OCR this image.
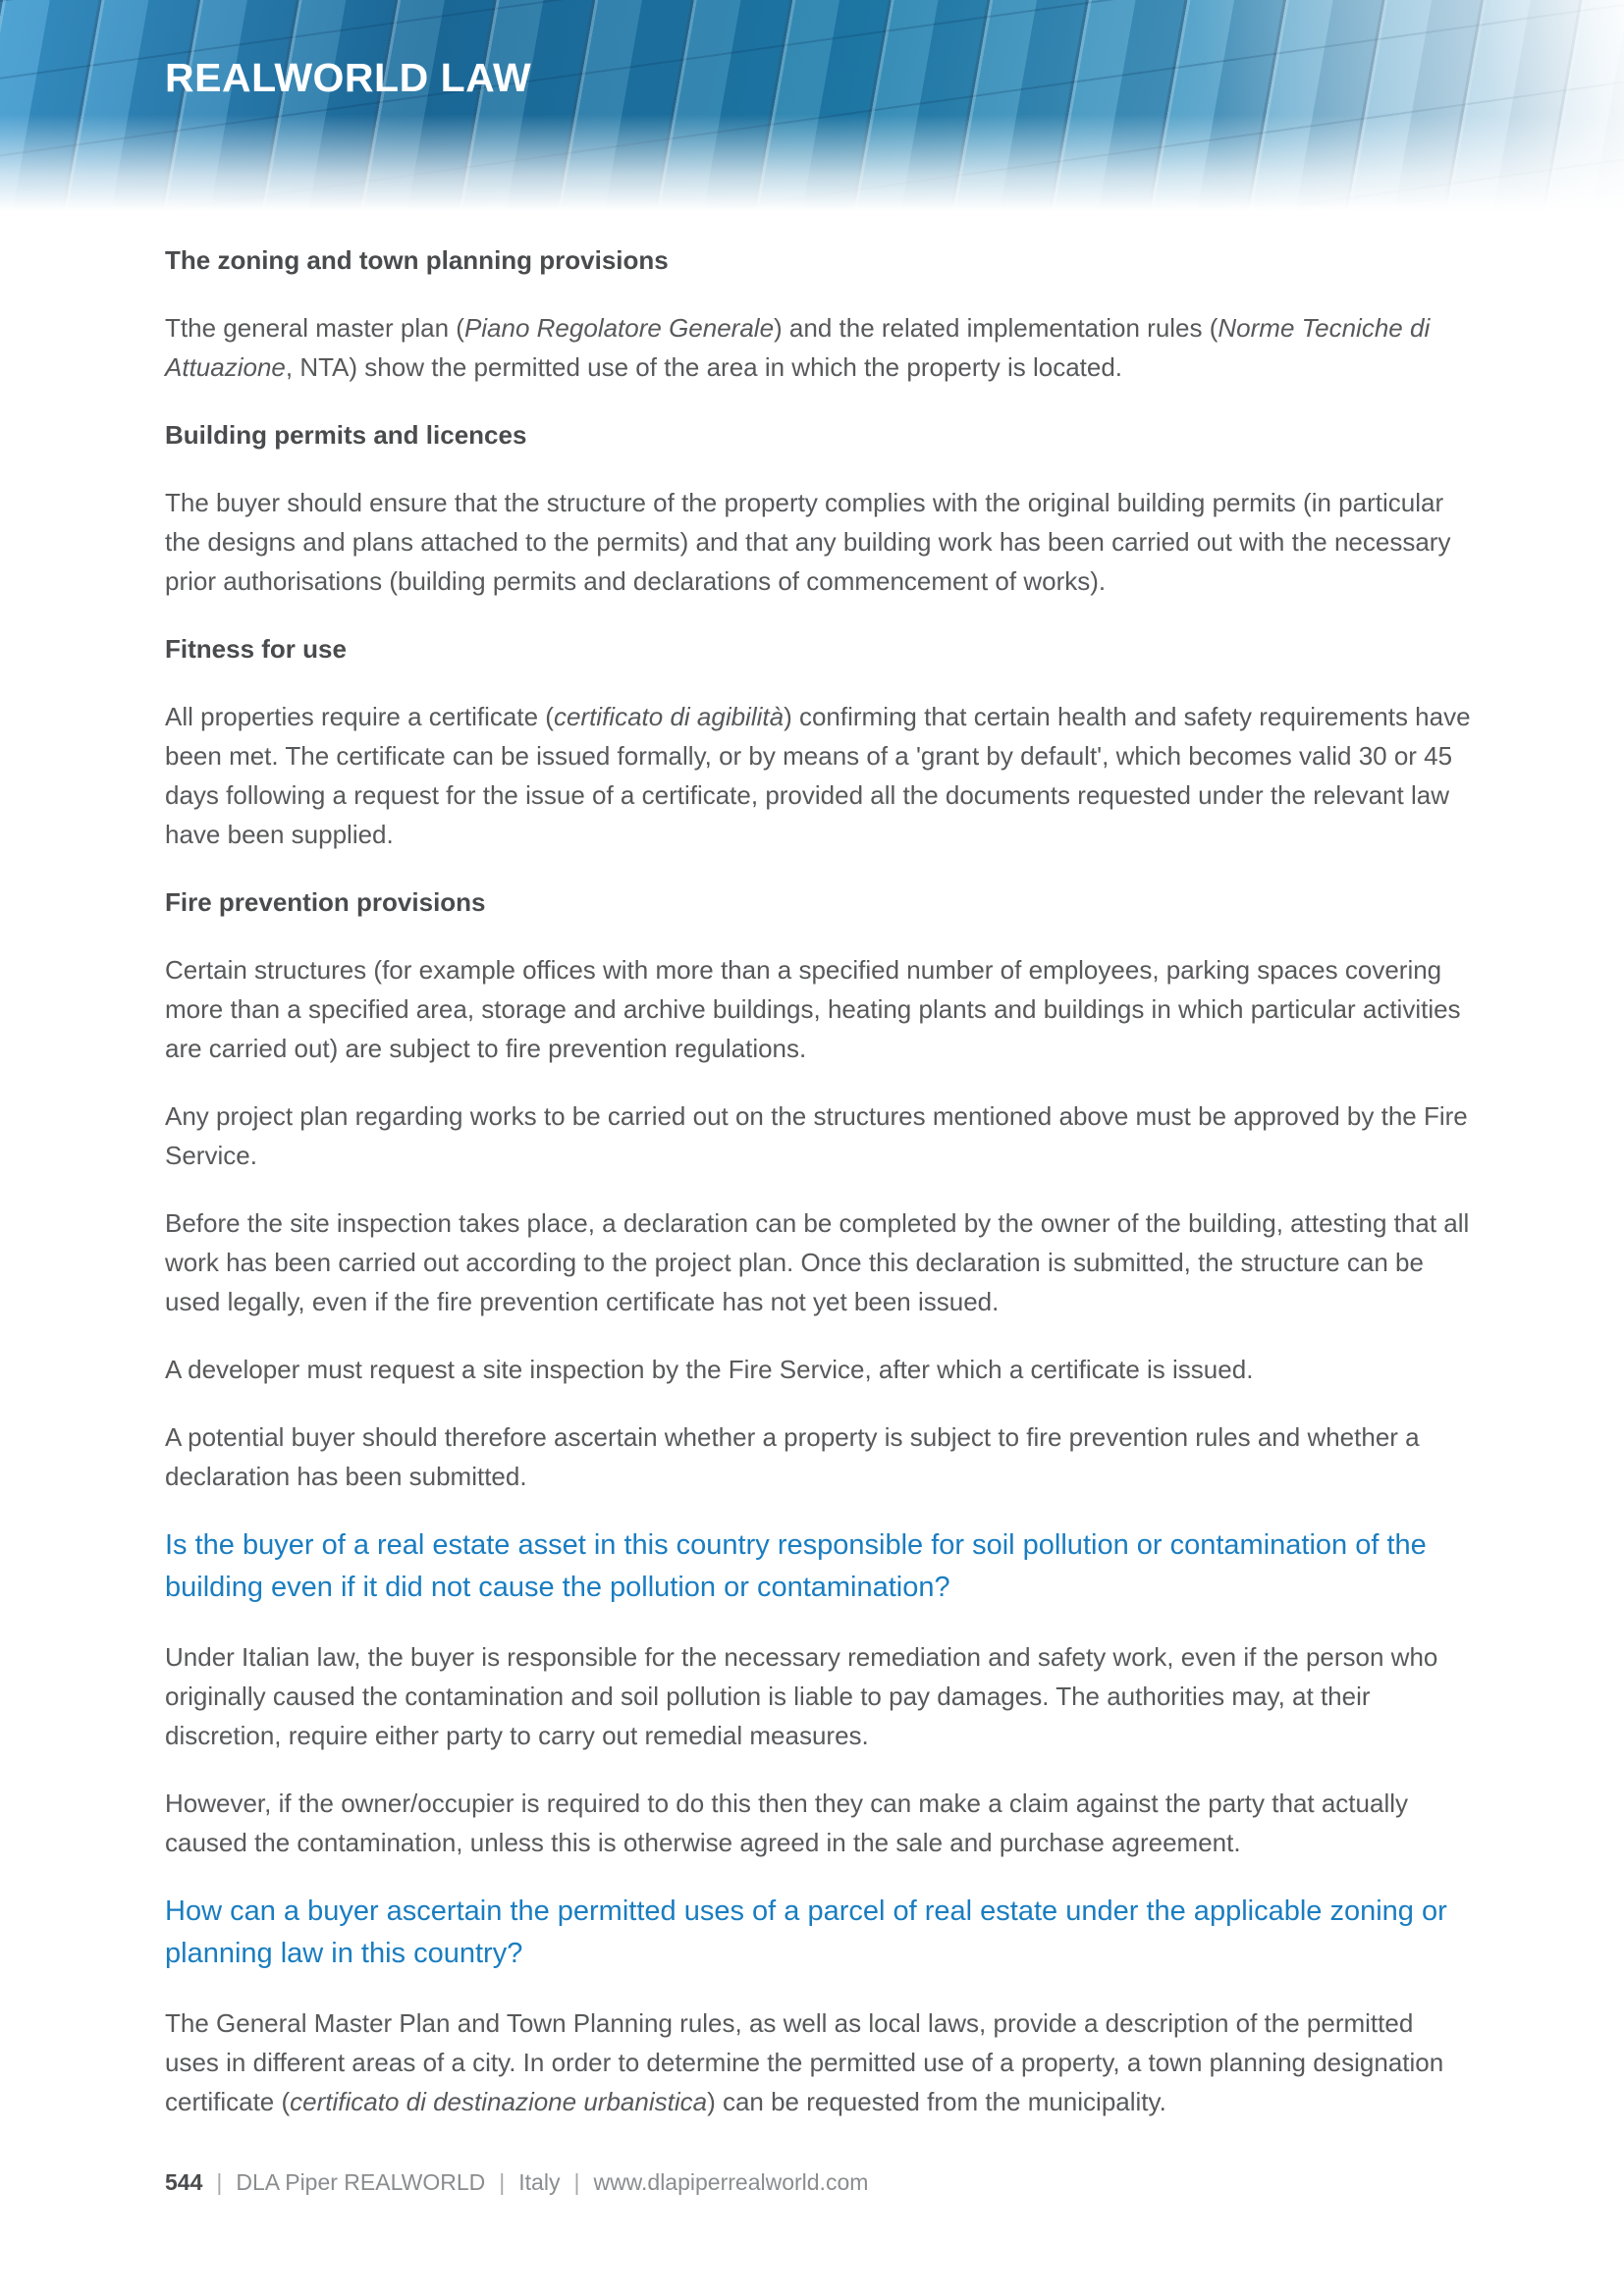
REALWORLD LAW
The zoning and town planning provisions

Tthe general master plan (Piano Regolatore Generale) and the related implementation rules (Norme Tecniche di Attuazione, NTA) show the permitted use of the area in which the property is located.

Building permits and licences

The buyer should ensure that the structure of the property complies with the original building permits (in particular the designs and plans attached to the permits) and that any building work has been carried out with the necessary prior authorisations (building permits and declarations of commencement of works).

Fitness for use

All properties require a certificate (certificato di agibilità) confirming that certain health and safety requirements have been met. The certificate can be issued formally, or by means of a 'grant by default', which becomes valid 30 or 45 days following a request for the issue of a certificate, provided all the documents requested under the relevant law have been supplied.

Fire prevention provisions

Certain structures (for example offices with more than a specified number of employees, parking spaces covering more than a specified area, storage and archive buildings, heating plants and buildings in which particular activities are carried out) are subject to fire prevention regulations.

Any project plan regarding works to be carried out on the structures mentioned above must be approved by the Fire Service.

Before the site inspection takes place, a declaration can be completed by the owner of the building, attesting that all work has been carried out according to the project plan. Once this declaration is submitted, the structure can be used legally, even if the fire prevention certificate has not yet been issued.

A developer must request a site inspection by the Fire Service, after which a certificate is issued.

A potential buyer should therefore ascertain whether a property is subject to fire prevention rules and whether a declaration has been submitted.

Is the buyer of a real estate asset in this country responsible for soil pollution or contamination of the building even if it did not cause the pollution or contamination?

Under Italian law, the buyer is responsible for the necessary remediation and safety work, even if the person who originally caused the contamination and soil pollution is liable to pay damages. The authorities may, at their discretion, require either party to carry out remedial measures.

However, if the owner/occupier is required to do this then they can make a claim against the party that actually caused the contamination, unless this is otherwise agreed in the sale and purchase agreement.

How can a buyer ascertain the permitted uses of a parcel of real estate under the applicable zoning or planning law in this country?

The General Master Plan and Town Planning rules, as well as local laws, provide a description of the permitted uses in different areas of a city. In order to determine the permitted use of a property, a town planning designation certificate (certificato di destinazione urbanistica) can be requested from the municipality.

544 | DLA Piper REALWORLD | Italy | www.dlapiperrealworld.com
